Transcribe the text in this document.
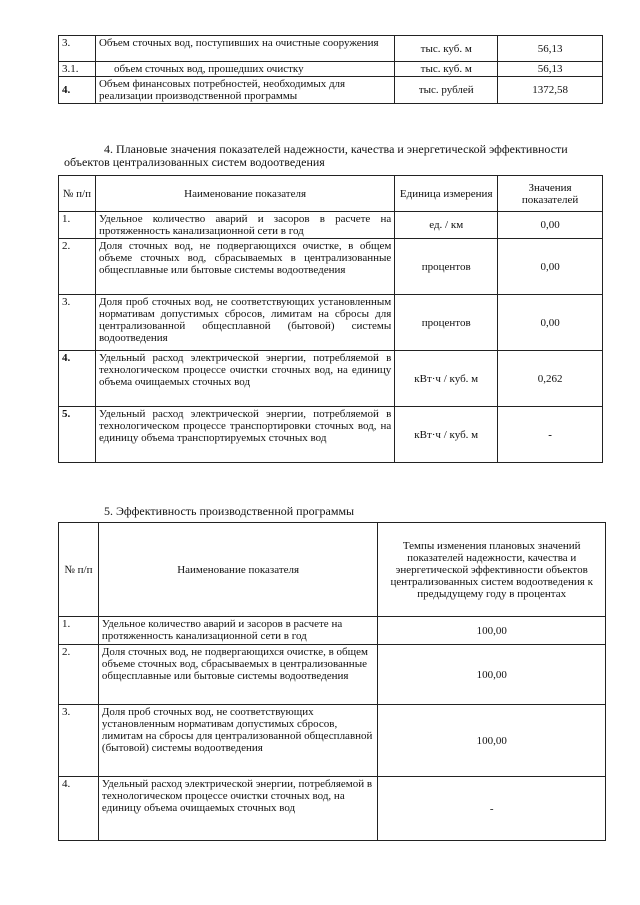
3.	Объем сточных вод, поступивших на очистные сооружения	тыс. куб. м	56,13
3.1.	объем сточных вод, прошедших очистку	тыс. куб. м	56,13
4.	Объем финансовых потребностей, необходимых для реализации производственной программы	тыс. рублей	1372,58
4. Плановые значения показателей надежности, качества и энергетической эффективности
объектов централизованных систем водоотведения
№ п/п	Наименование показателя	Единица измерения	Значения показателей
1.	Удельное количество аварий и засоров в расчете на протяженность канализационной сети в год	ед. / км	0,00
2.	Доля сточных вод, не подвергающихся очистке, в общем объеме сточных вод, сбрасываемых в централизованные общесплавные или бытовые системы водоотведения	процентов	0,00
3.	Доля проб сточных вод, не соответствующих установленным нормативам допустимых сбросов, лимитам на сбросы для централизованной общесплавной (бытовой) системы водоотведения	процентов	0,00
4.	Удельный расход электрической энергии, потребляемой в технологическом процессе очистки сточных вод, на единицу объема очищаемых сточных вод	кВт·ч / куб. м	0,262
5.	Удельный расход электрической энергии, потребляемой в технологическом процессе транспортировки сточных вод, на единицу объема транспортируемых сточных вод	кВт·ч / куб. м	-
5. Эффективность производственной программы
№ п/п	Наименование показателя	Темпы изменения плановых значений показателей надежности, качества и энергетической эффективности объектов централизованных систем водоотведения к предыдущему году в процентах
1.	Удельное количество аварий и засоров в расчете на протяженность канализационной сети в год	100,00
2.	Доля сточных вод, не подвергающихся очистке, в общем объеме сточных вод, сбрасываемых в централизованные общесплавные или бытовые системы водоотведения	100,00
3.	Доля проб сточных вод, не соответствующих установленным нормативам допустимых сбросов, лимитам на сбросы для централизованной общесплавной (бытовой) системы водоотведения	100,00
4.	Удельный расход электрической энергии, потребляемой в технологическом процессе очистки сточных вод, на единицу объема очищаемых сточных вод	-
